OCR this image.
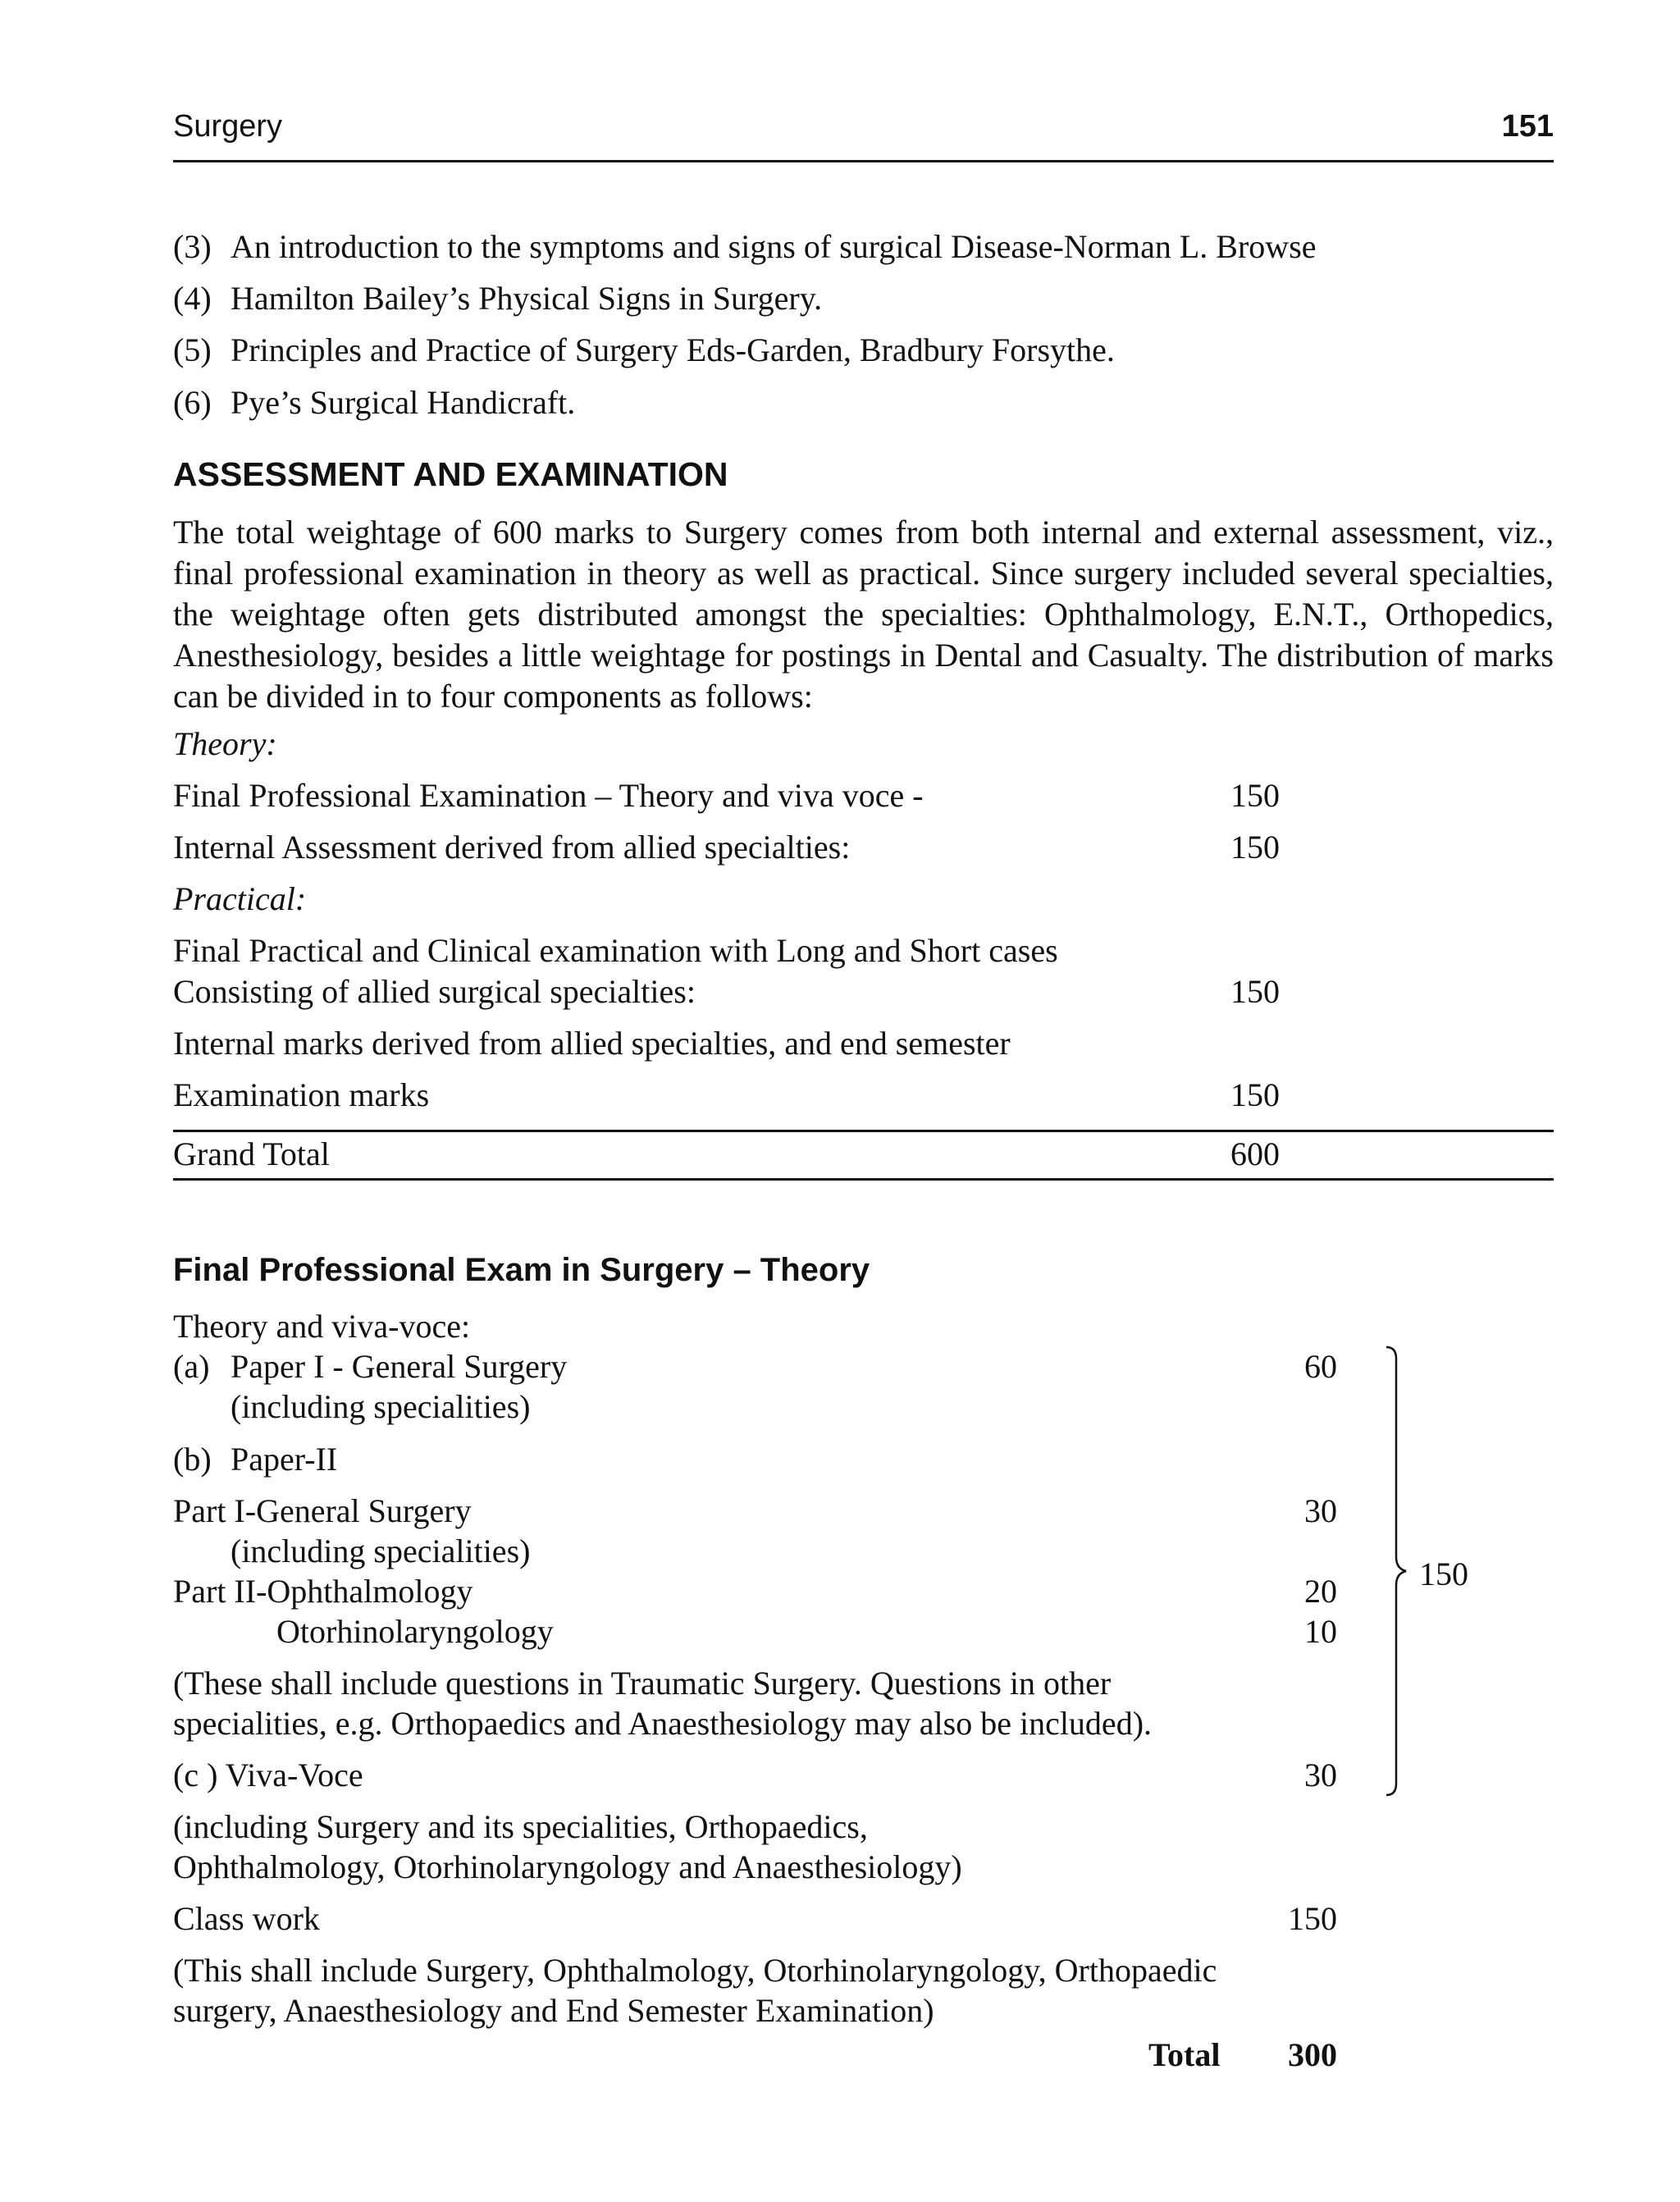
Surgery	151
(3) An introduction to the symptoms and signs of surgical Disease-Norman L. Browse
(4) Hamilton Bailey’s Physical Signs in Surgery.
(5) Principles and Practice of Surgery Eds-Garden, Bradbury Forsythe.
(6) Pye’s Surgical Handicraft.
ASSESSMENT AND EXAMINATION
The total weightage of 600 marks to Surgery comes from both internal and external assessment, viz., final professional examination in theory as well as practical. Since surgery included several specialties, the weightage often gets distributed amongst the specialties: Ophthalmology, E.N.T., Orthopedics, Anesthesiology, besides a little weightage for postings in Dental and Casualty. The distribution of marks can be divided in to four components as follows:
Theory:
Final Professional Examination – Theory and viva voce -	150
Internal Assessment derived from allied specialties:	150
Practical:
Final Practical and Clinical examination with Long and Short cases
Consisting of allied surgical specialties:	150
Internal marks derived from allied specialties, and end semester
Examination marks	150
Grand Total	600
Final Professional Exam in Surgery – Theory
Theory and viva-voce:
(a) Paper I - General Surgery	60
(including specialities)
(b) Paper-II
Part I-General Surgery	30
(including specialities)
Part II-Ophthalmology	20
Otorhinolaryngology	10
(These shall include questions in Traumatic Surgery. Questions in other
specialities, e.g. Orthopaedics and Anaesthesiology may also be included).
(c ) Viva-Voce	30
150
(including Surgery and its specialities, Orthopaedics,
Ophthalmology, Otorhinolaryngology and Anaesthesiology)
Class work	150
(This shall include Surgery, Ophthalmology, Otorhinolaryngology, Orthopaedic
surgery, Anaesthesiology and End Semester Examination)
Total	300
